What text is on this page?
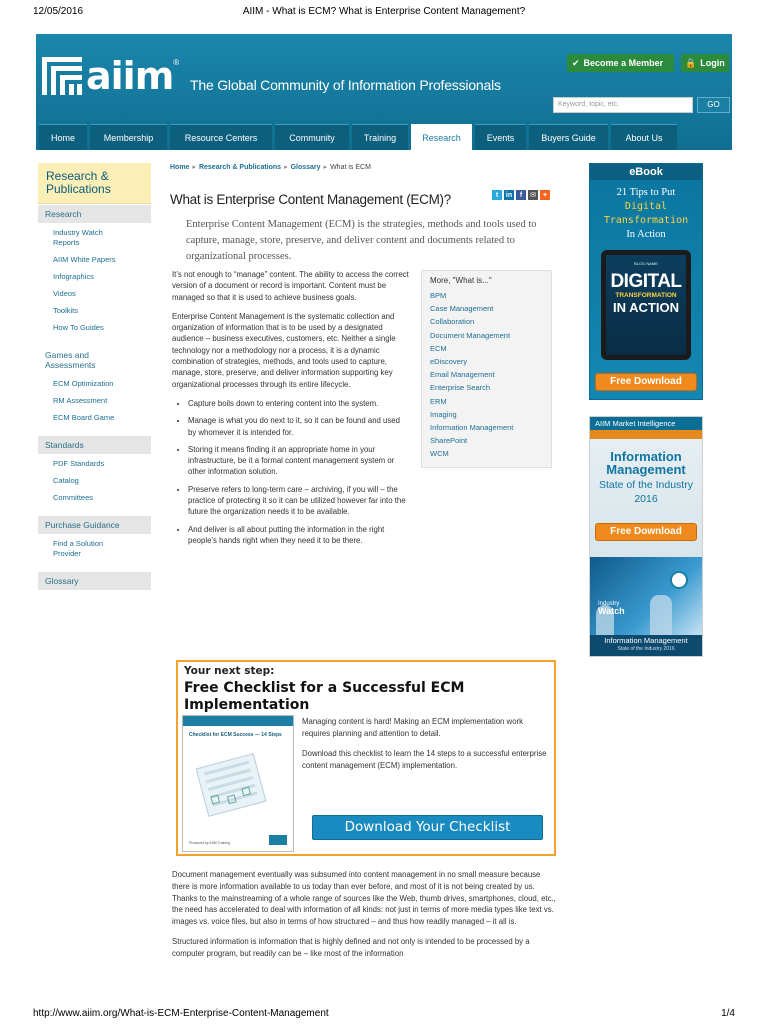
12/05/2016	AIIM - What is ECM? What is Enterprise Content Management?
aiim ®
The Global Community of Information Professionals
✔ Become a Member 🔒 Login
Keyword, topic, etc.	GO
Home	Membership	Resource Centers	Community	Training	Research	Events	Buyers Guide	About Us
Research & Publications
Research
Industry Watch Reports
AIIM White Papers
Infographics
Videos
Toolkits
How To Guides
Games and Assessments
ECM Optimization
RM Assessment
ECM Board Game
Standards
PDF Standards
Catalog
Committees
Purchase Guidance
Find a Solution Provider
Glossary
Home ▸ Research & Publications ▸ Glossary ▸ What is ECM
What is Enterprise Content Management (ECM)?	t	in	f	✉	+
Enterprise Content Management (ECM) is the strategies, methods and tools used to capture, manage, store, preserve, and deliver content and documents related to organizational processes.

It’s not enough to “manage” content. The ability to access the correct version of a document or record is important. Content must be managed so that it is used to achieve business goals.

Enterprise Content Management is the systematic collection and organization of information that is to be used by a designated audience – business executives, customers, etc. Neither a single technology nor a methodology nor a process, it is a dynamic combination of strategies, methods, and tools used to capture, manage, store, preserve, and deliver information supporting key organizational processes through its entire lifecycle.

• Capture boils down to entering content into the system.
• Manage is what you do next to it, so it can be found and used by whomever it is intended for.
• Storing it means finding it an appropriate home in your infrastructure, be it a formal content management system or other information solution.
• Preserve refers to long-term care – archiving, if you will – the practice of protecting it so it can be utilized however far into the future the organization needs it to be available.
• And deliver is all about putting the information in the right people’s hands right when they need it to be there.
More, "What is..."
BPM
Case Management
Collaboration
Document Management
ECM
eDiscovery
Email Management
Enterprise Search
ERM
Imaging
Information Management
SharePoint
WCM
Your next step:
Free Checklist for a Successful ECM Implementation
Checklist for ECM Success — 14 Steps
Produced by AIIM Training

Managing content is hard! Making an ECM implementation work requires planning and attention to detail.

Download this checklist to learn the 14 steps to a successful enterprise content management (ECM) implementation.

Download Your Checklist

Document management eventually was subsumed into content management in no small measure because there is more information available to us today than ever before, and most of it is not being created by us. Thanks to the mainstreaming of a whole range of sources like the Web, thumb drives, smartphones, cloud, etc., the need has accelerated to deal with information of all kinds: not just in terms of more media types like text vs. images vs. voice files, but also in terms of how structured – and thus how readily managed – it all is.

Structured information is information that is highly defined and not only is intended to be processed by a computer program, but readily can be – like most of the information

eBook
21 Tips to Put
Digital
Transformation
In Action
BLOG NAME
DIGITAL
TRANSFORMATION
IN ACTION
Free Download
AIIM Market Intelligence
Information Management
State of the Industry 2016
Free Download
Industry
Watch
Information Management
State of the Industry 2016
http://www.aiim.org/What-is-ECM-Enterprise-Content-Management	1/4
